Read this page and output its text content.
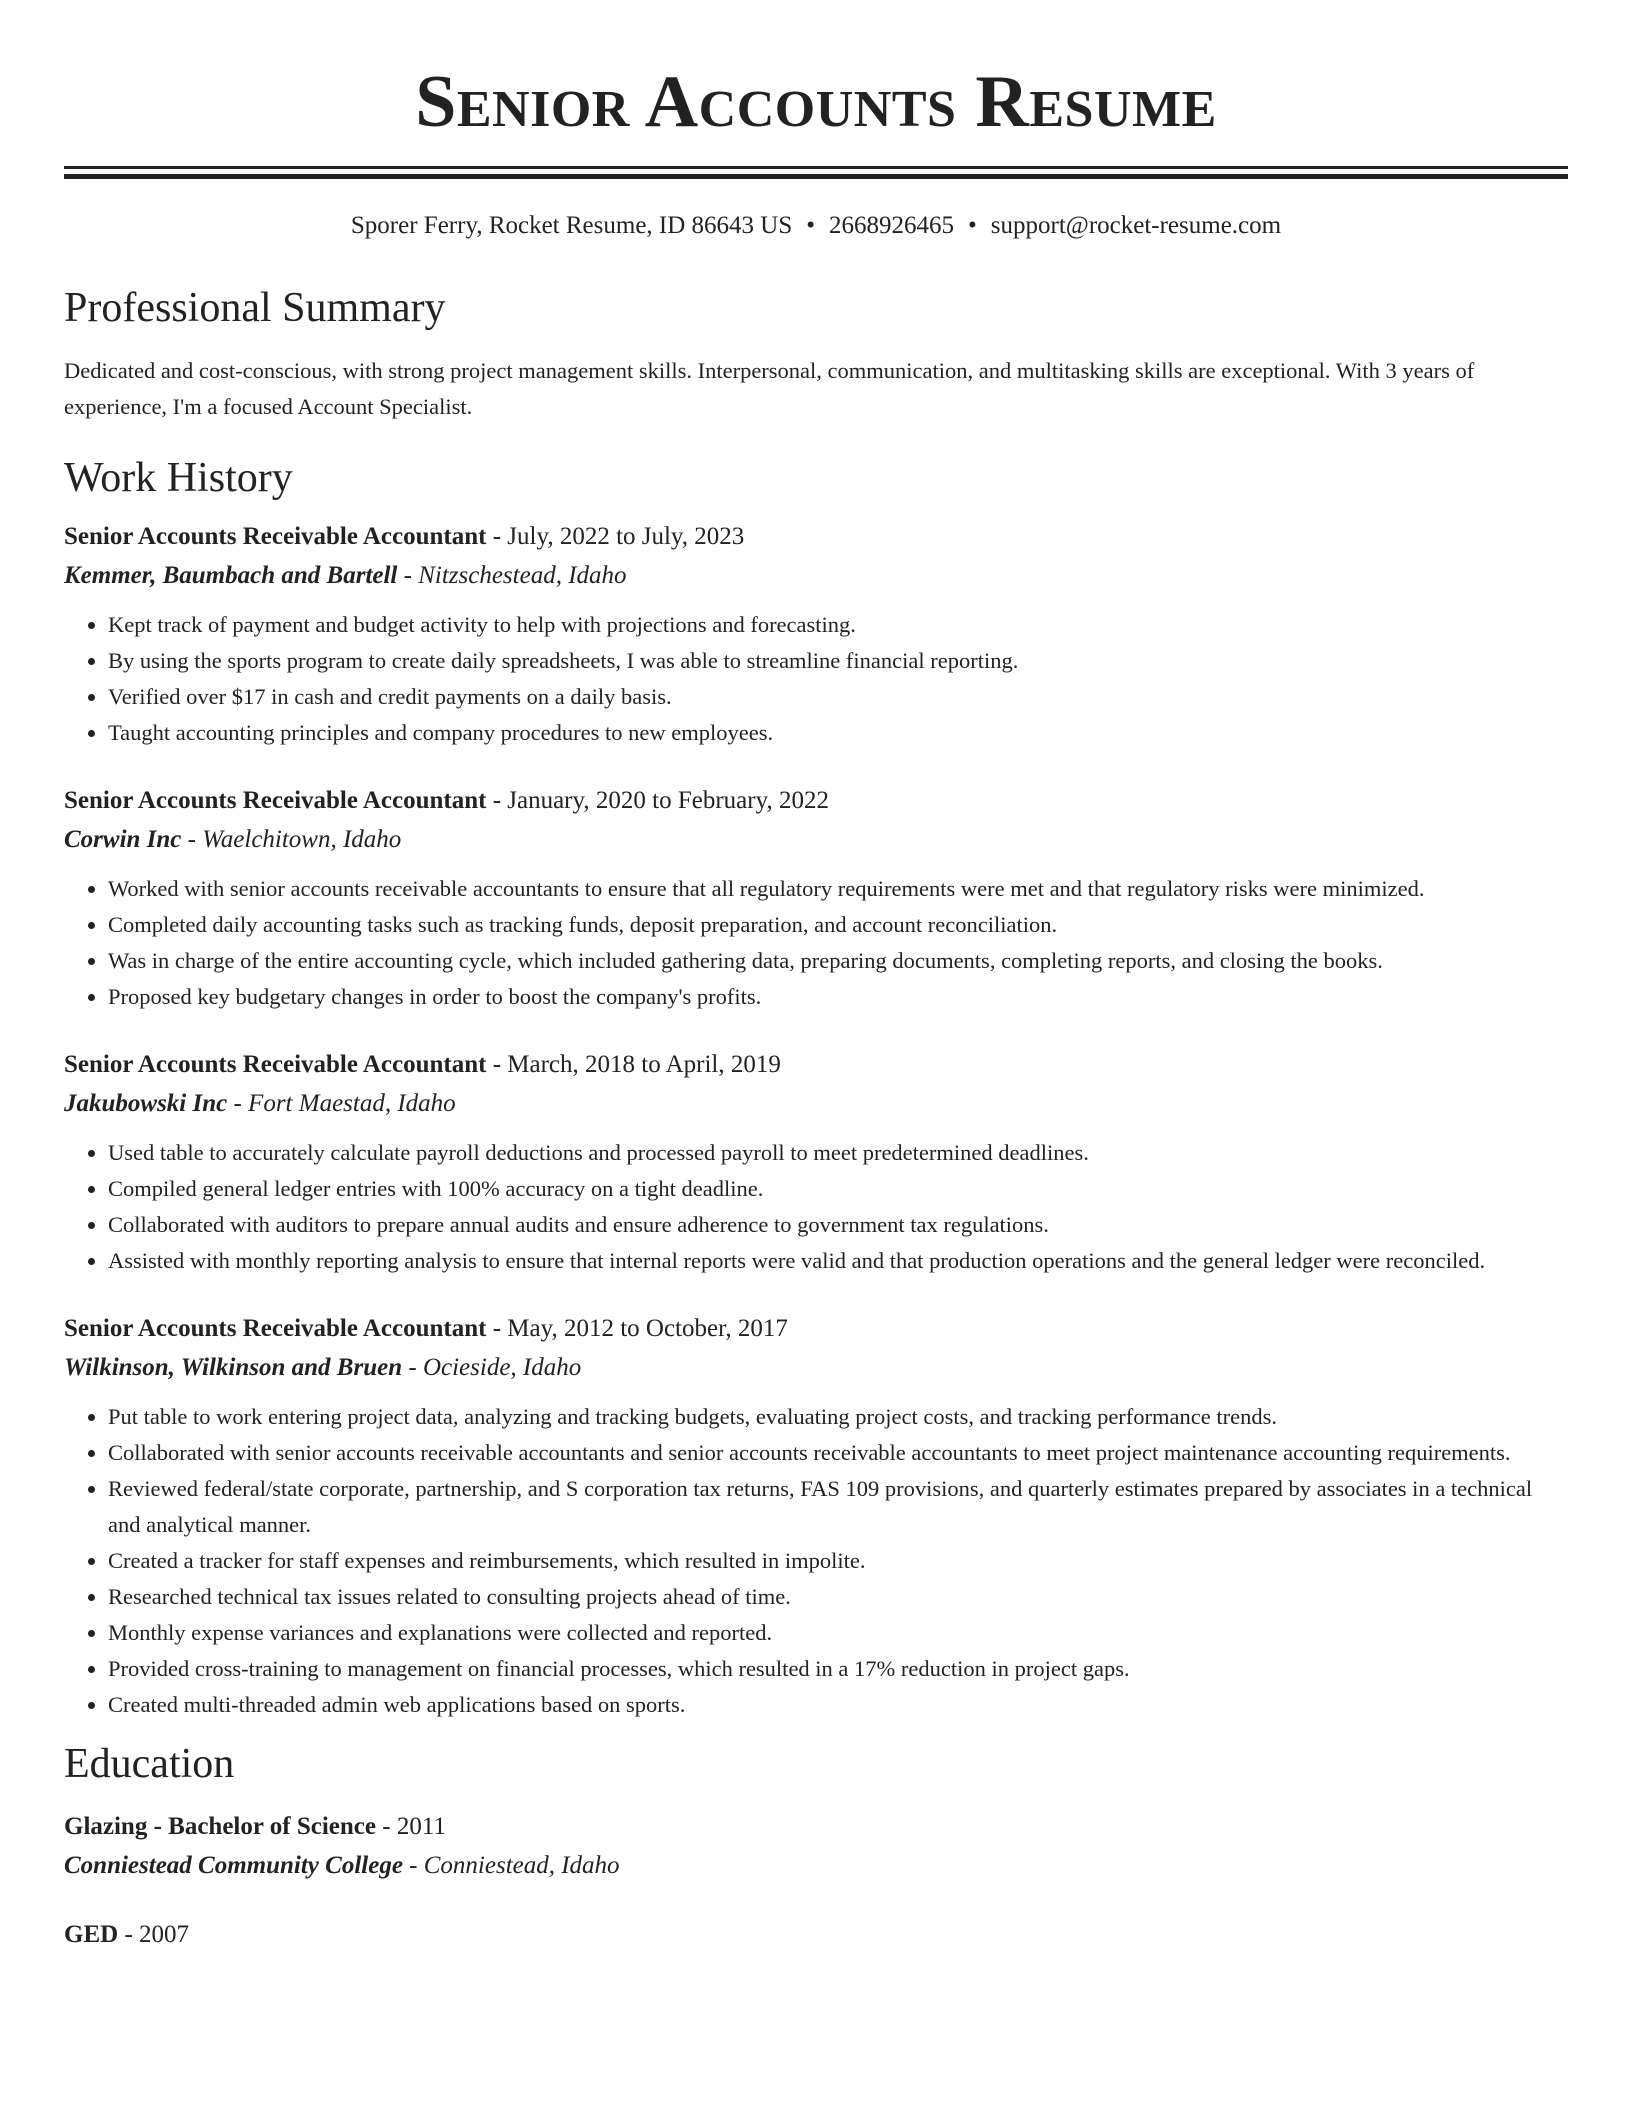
Senior Accounts Resume
Sporer Ferry, Rocket Resume, ID 86643 US • 2668926465 • support@rocket-resume.com
Professional Summary
Dedicated and cost-conscious, with strong project management skills. Interpersonal, communication, and multitasking skills are exceptional. With 3 years of experience, I'm a focused Account Specialist.
Work History
Senior Accounts Receivable Accountant - July, 2022 to July, 2023
Kemmer, Baumbach and Bartell - Nitzschestead, Idaho
• Kept track of payment and budget activity to help with projections and forecasting.
• By using the sports program to create daily spreadsheets, I was able to streamline financial reporting.
• Verified over $17 in cash and credit payments on a daily basis.
• Taught accounting principles and company procedures to new employees.
Senior Accounts Receivable Accountant - January, 2020 to February, 2022
Corwin Inc - Waelchitown, Idaho
• Worked with senior accounts receivable accountants to ensure that all regulatory requirements were met and that regulatory risks were minimized.
• Completed daily accounting tasks such as tracking funds, deposit preparation, and account reconciliation.
• Was in charge of the entire accounting cycle, which included gathering data, preparing documents, completing reports, and closing the books.
• Proposed key budgetary changes in order to boost the company's profits.
Senior Accounts Receivable Accountant - March, 2018 to April, 2019
Jakubowski Inc - Fort Maestad, Idaho
• Used table to accurately calculate payroll deductions and processed payroll to meet predetermined deadlines.
• Compiled general ledger entries with 100% accuracy on a tight deadline.
• Collaborated with auditors to prepare annual audits and ensure adherence to government tax regulations.
• Assisted with monthly reporting analysis to ensure that internal reports were valid and that production operations and the general ledger were reconciled.
Senior Accounts Receivable Accountant - May, 2012 to October, 2017
Wilkinson, Wilkinson and Bruen - Ocieside, Idaho
• Put table to work entering project data, analyzing and tracking budgets, evaluating project costs, and tracking performance trends.
• Collaborated with senior accounts receivable accountants and senior accounts receivable accountants to meet project maintenance accounting requirements.
• Reviewed federal/state corporate, partnership, and S corporation tax returns, FAS 109 provisions, and quarterly estimates prepared by associates in a technical and analytical manner.
• Created a tracker for staff expenses and reimbursements, which resulted in impolite.
• Researched technical tax issues related to consulting projects ahead of time.
• Monthly expense variances and explanations were collected and reported.
• Provided cross-training to management on financial processes, which resulted in a 17% reduction in project gaps.
• Created multi-threaded admin web applications based on sports.
Education
Glazing - Bachelor of Science - 2011
Conniestead Community College - Conniestead, Idaho
GED - 2007
